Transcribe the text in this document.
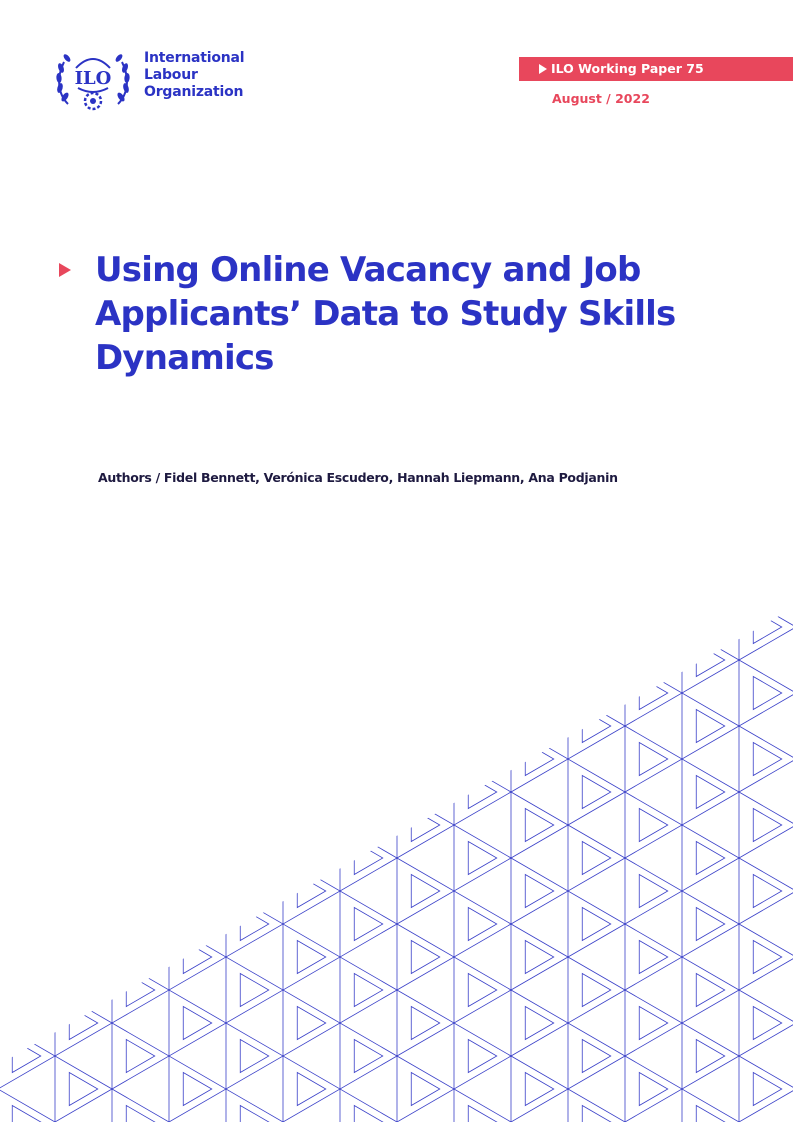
ILO
International
Labour
Organization
ILO Working Paper 75
August / 2022
Using Online Vacancy and Job
Applicants’ Data to Study Skills
Dynamics
Authors / Fidel Bennett, Verónica Escudero, Hannah Liepmann, Ana Podjanin
